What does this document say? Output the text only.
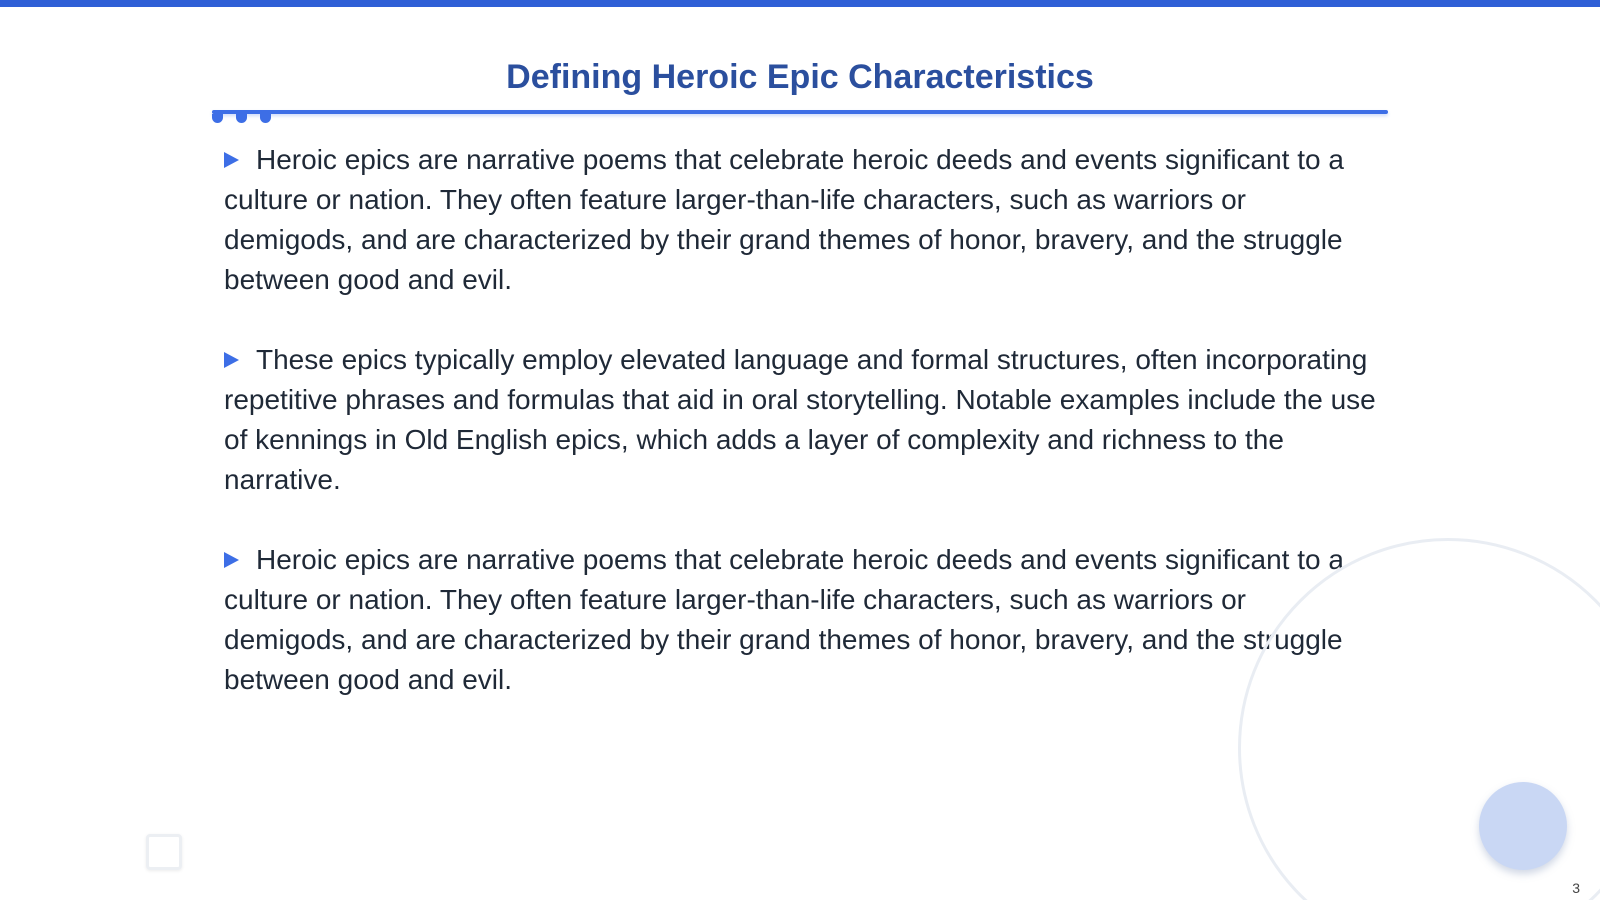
Defining Heroic Epic Characteristics

Heroic epics are narrative poems that celebrate heroic deeds and events significant to a culture or nation. They often feature larger-than-life characters, such as warriors or demigods, and are characterized by their grand themes of honor, bravery, and the struggle between good and evil.

These epics typically employ elevated language and formal structures, often incorporating repetitive phrases and formulas that aid in oral storytelling. Notable examples include the use of kennings in Old English epics, which adds a layer of complexity and richness to the narrative.

Heroic epics are narrative poems that celebrate heroic deeds and events significant to a culture or nation. They often feature larger-than-life characters, such as warriors or demigods, and are characterized by their grand themes of honor, bravery, and the struggle between good and evil.

3
